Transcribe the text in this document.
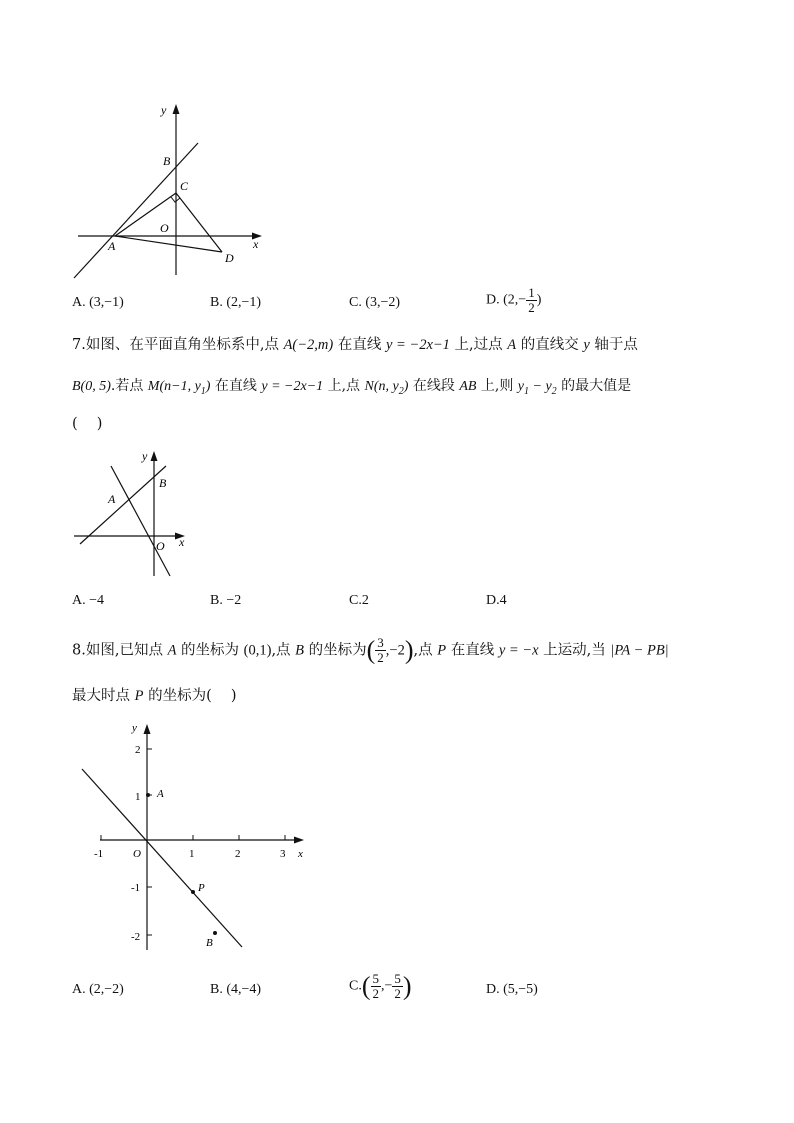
y
B
C
O
x
A
D
A. (3,−1)	B. (2,−1)	C. (3,−2)	D. ($2,- \frac{1}{2}$ )
7.如图、在平面直角坐标系中,点 A(−2,m) 在直线 y = −2x−1 上,过点 A 的直线交 y 轴于点
B(0, 5).若点 M(n−1, $y_1$) 在直线 y = −2x−1 上,点 N(n, $y_2$) 在线段 AB 上,则 $y_1 - y_2$ 的最大值是
(　 )
y
B
A
O x
A. −4	B. −2	C.2	D.4
8.如图,已知点 A 的坐标为 (0,1),点 B 的坐标为( $\frac{3}{2} ,-2$),点 P 在直线 y = −x 上运动,当 |PA − PB|
最大时点 P 的坐标为(　 )
y
2
1
-1
-2
-1	O	1	2	3 x
A
P
B
A. (2,−2)	B. (4,−4)	$C.( \frac{5}{2}$ ,− $\frac{5}{2}$ )	D. (5,−5)
